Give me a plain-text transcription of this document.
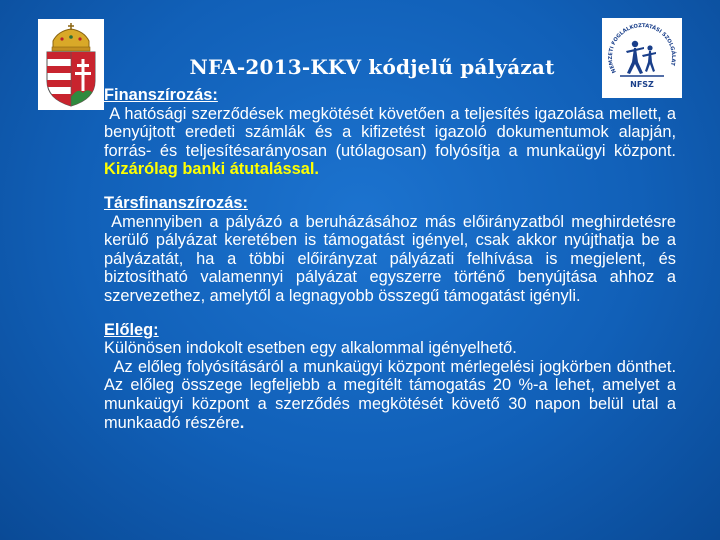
NEMZETI FOGLALKOZTATÁSI SZOLGÁLAT
NFSZ
NFA-2013-KKV kódjelű pályázat

Finanszírozás:

A hatósági szerződések megkötését követően a teljesítés igazolása mellett, a benyújtott eredeti számlák és a kifizetést igazoló dokumentumok alapján, forrás- és teljesítésarányosan (utólagosan) folyósítja a munkaügyi központ. Kizárólag banki átutalással.

Társfinanszírozás:

Amennyiben a pályázó a beruházásához más előirányzatból meghirdetésre kerülő pályázat keretében is támogatást igényel, csak akkor nyújthatja be a pályázatát, ha a többi előirányzat pályázati felhívása is megjelent, és biztosítható valamennyi pályázat egyszerre történő benyújtása ahhoz a szervezethez, amelytől a legnagyobb összegű támogatást igényli.

Előleg:

Különösen indokolt esetben egy alkalommal igényelhető.

Az előleg folyósításáról a munkaügyi központ mérlegelési jogkörben dönthet. Az előleg összege legfeljebb a megítélt támogatás 20 %-a lehet, amelyet a munkaügyi központ a szerződés megkötését követő 30 napon belül utal a munkaadó részére.
